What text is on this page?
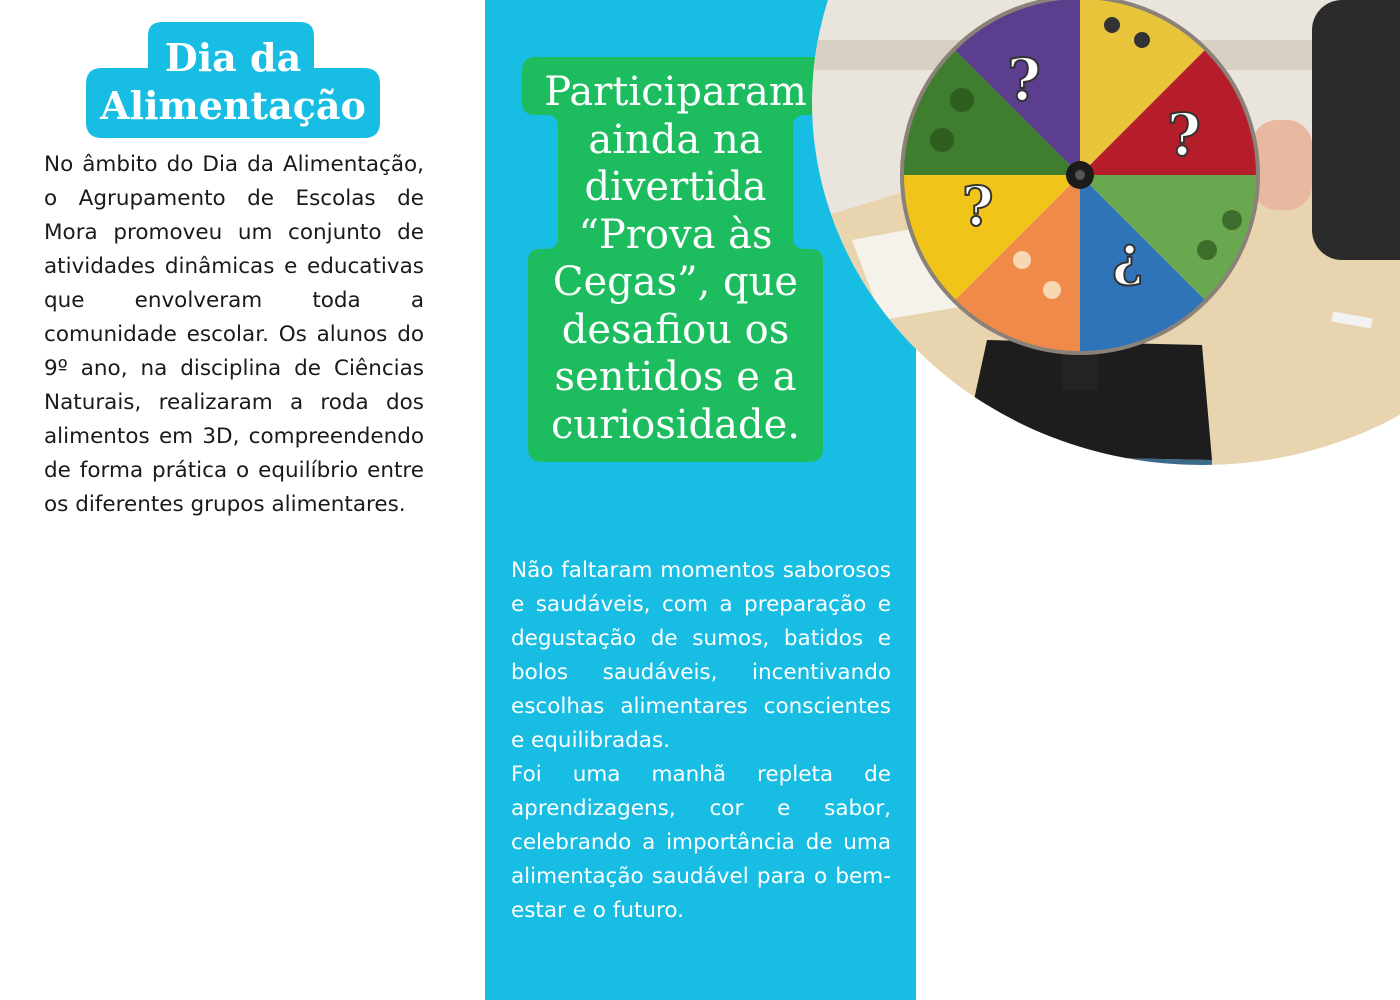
Dia da
Alimentação

No âmbito do Dia da Alimentação, o Agrupamento de Escolas de Mora promoveu um conjunto de atividades dinâmicas e educativas que envolveram toda a comunidade escolar. Os alunos do 9º ano, na disciplina de Ciências Naturais, realizaram a roda dos alimentos em 3D, compreendendo de forma prática o equilíbrio entre os diferentes grupos alimentares.

Participaram
ainda na
divertida
“Prova às
Cegas”, que
desafiou os
sentidos e a
curiosidade.

Não faltaram momentos saborosos e saudáveis, com a preparação e degustação de sumos, batidos e bolos saudáveis, incentivando escolhas alimentares conscientes e equilibradas.

Foi uma manhã repleta de aprendizagens, cor e sabor, celebrando a importância de uma alimentação saudável para o bem-estar e o futuro.

?
?
?
¿
